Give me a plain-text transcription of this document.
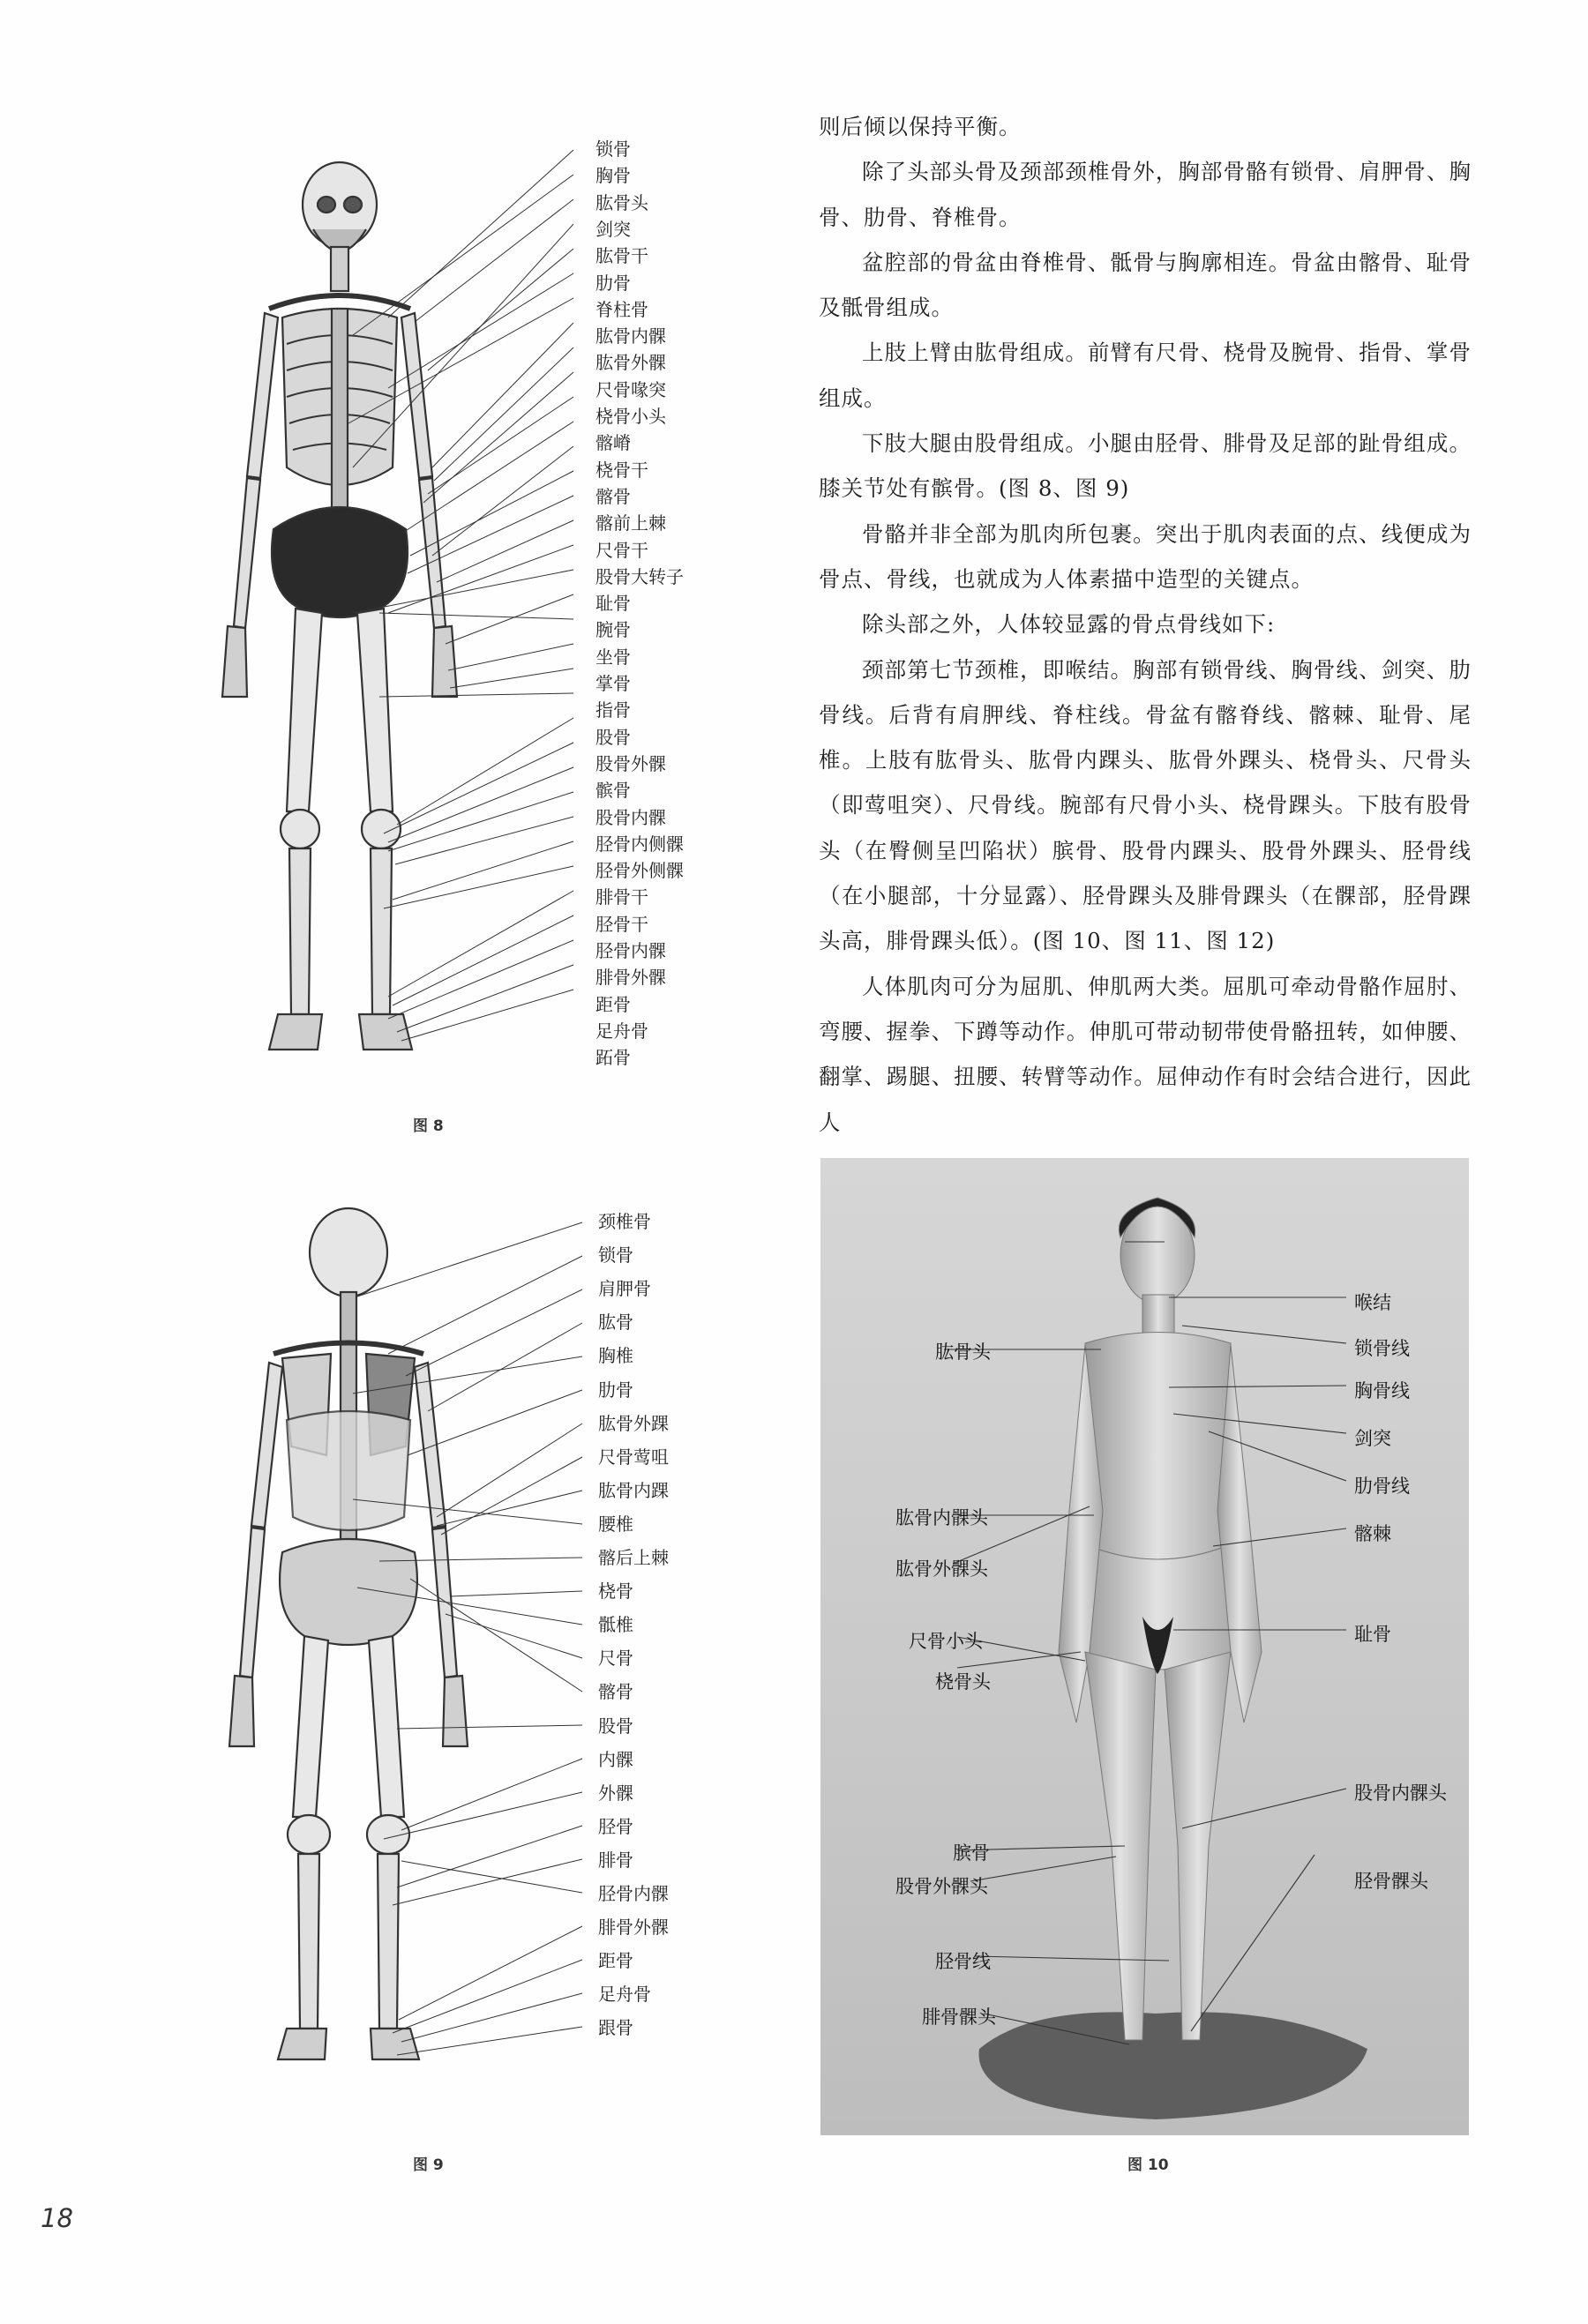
锁骨
胸骨
肱骨头
剑突
肱骨干
肋骨
脊柱骨
肱骨内髁
肱骨外髁
尺骨喙突
桡骨小头
髂嵴
桡骨干
髂骨
髂前上棘
尺骨干
股骨大转子
耻骨
腕骨
坐骨
掌骨
指骨
股骨
股骨外髁
髌骨
股骨内髁
胫骨内侧髁
胫骨外侧髁
腓骨干
胫骨干
胫骨内髁
腓骨外髁
距骨
足舟骨
跖骨
图 8
颈椎骨
锁骨
肩胛骨
肱骨
胸椎
肋骨
肱骨外踝
尺骨莺咀
肱骨内踝
腰椎
髂后上棘
桡骨
骶椎
尺骨
髂骨
股骨
内髁
外髁
胫骨
腓骨
胫骨内髁
腓骨外髁
距骨
足舟骨
跟骨
图 9

则后倾以保持平衡。

除了头部头骨及颈部颈椎骨外，胸部骨骼有锁骨、肩胛骨、胸骨、肋骨、脊椎骨。

盆腔部的骨盆由脊椎骨、骶骨与胸廓相连。骨盆由髂骨、耻骨及骶骨组成。

上肢上臂由肱骨组成。前臂有尺骨、桡骨及腕骨、指骨、掌骨组成。

下肢大腿由股骨组成。小腿由胫骨、腓骨及足部的趾骨组成。膝关节处有髌骨。(图 8、图 9)

骨骼并非全部为肌肉所包裹。突出于肌肉表面的点、线便成为骨点、骨线，也就成为人体素描中造型的关键点。

除头部之外，人体较显露的骨点骨线如下:

颈部第七节颈椎，即喉结。胸部有锁骨线、胸骨线、剑突、肋骨线。后背有肩胛线、脊柱线。骨盆有髂脊线、髂棘、耻骨、尾椎。上肢有肱骨头、肱骨内踝头、肱骨外踝头、桡骨头、尺骨头（即莺咀突）、尺骨线。腕部有尺骨小头、桡骨踝头。下肢有股骨头（在臀侧呈凹陷状）膑骨、股骨内踝头、股骨外踝头、胫骨线（在小腿部，十分显露）、胫骨踝头及腓骨踝头（在髁部，胫骨踝头高，腓骨踝头低）。(图 10、图 11、图 12)

人体肌肉可分为屈肌、伸肌两大类。屈肌可牵动骨骼作屈肘、弯腰、握拳、下蹲等动作。伸肌可带动韧带使骨骼扭转，如伸腰、翻掌、踢腿、扭腰、转臂等动作。屈伸动作有时会结合进行，因此人

喉结
锁骨线
胸骨线
剑突
肋骨线
髂棘
耻骨
股骨内髁头
胫骨髁头
肱骨头
肱骨内髁头
肱骨外髁头
尺骨小头
桡骨头
膑骨
股骨外髁头
胫骨线
腓骨髁头
图 10
18
